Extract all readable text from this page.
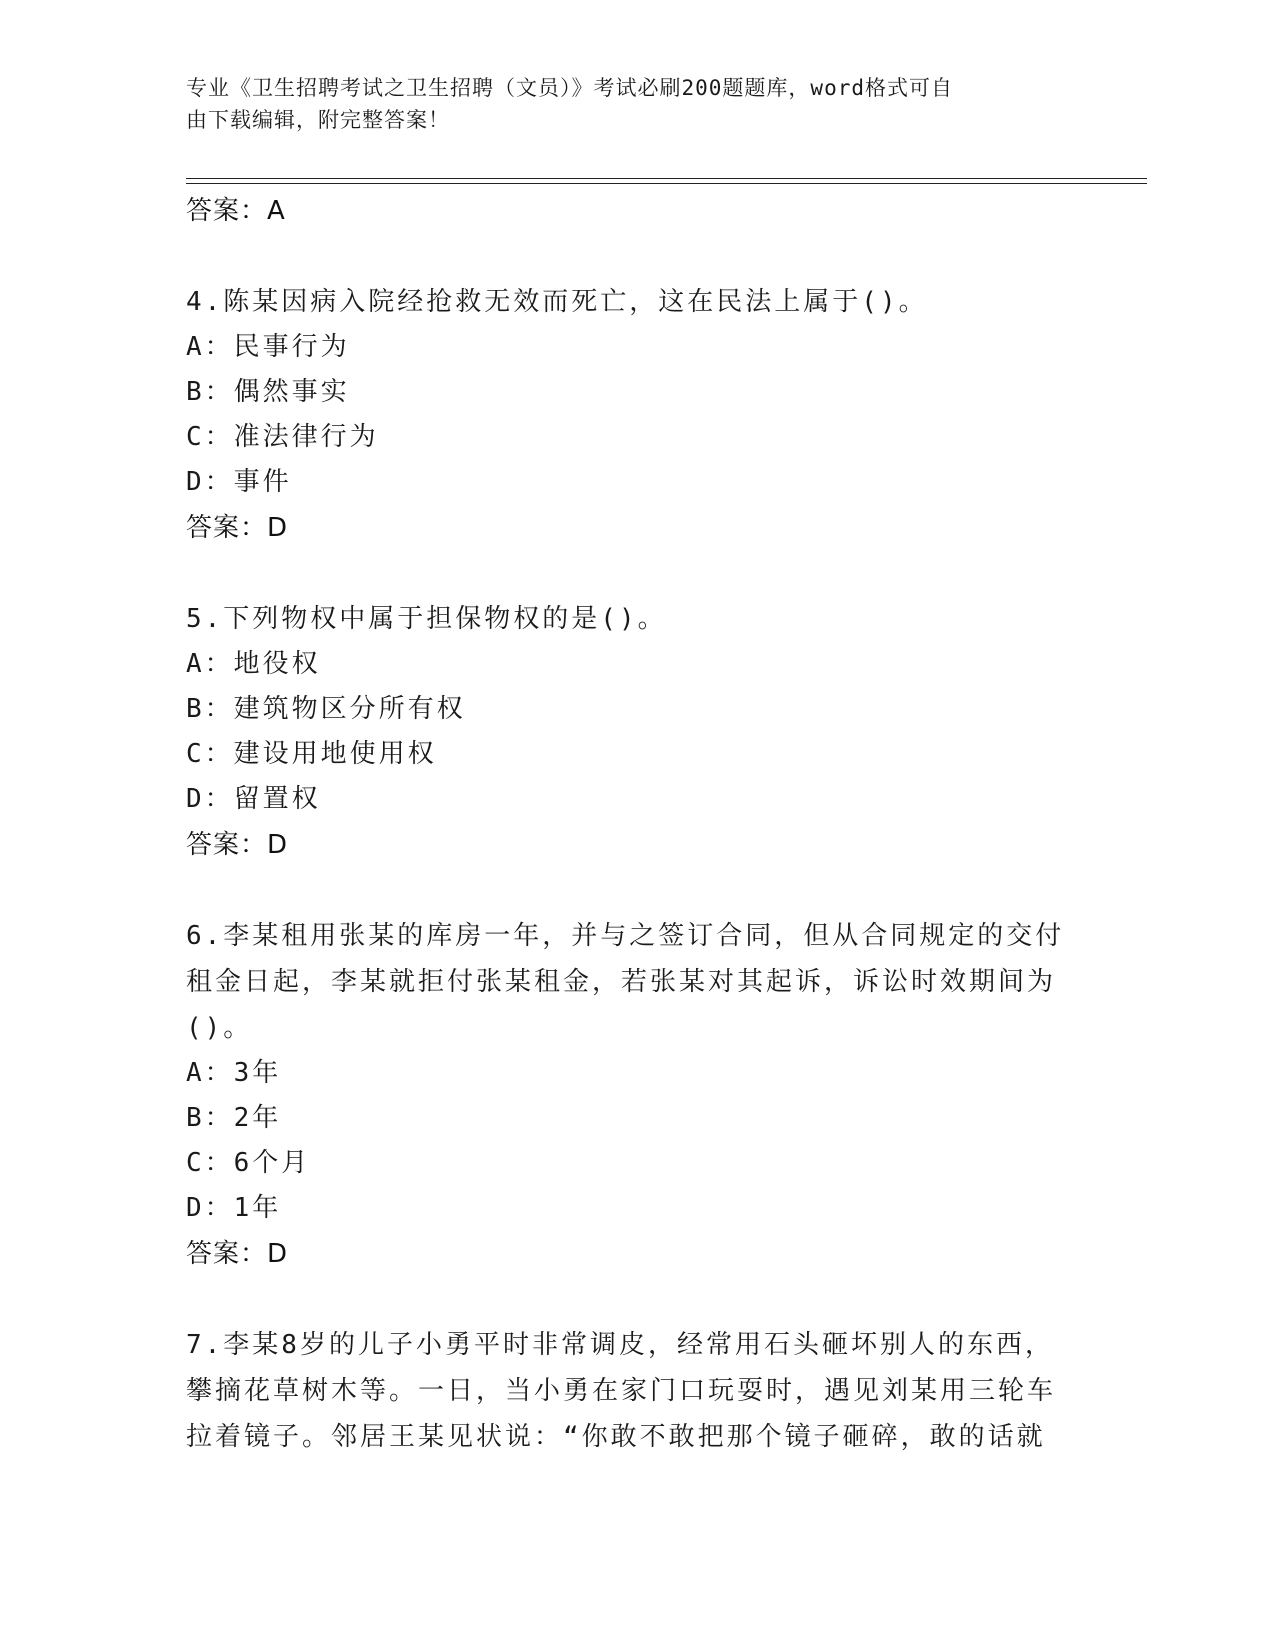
专业《卫生招聘考试之卫生招聘（文员）》考试必刷200题题库，word格式可自
由下载编辑，附完整答案！
答案：A
4.陈某因病入院经抢救无效而死亡，这在民法上属于()。
A：民事行为
B：偶然事实
C：准法律行为
D：事件
答案：D
5.下列物权中属于担保物权的是()。
A：地役权
B：建筑物区分所有权
C：建设用地使用权
D：留置权
答案：D
6.李某租用张某的库房一年，并与之签订合同，但从合同规定的交付
租金日起，李某就拒付张某租金，若张某对其起诉，诉讼时效期间为
()。
A：3年
B：2年
C：6个月
D：1年
答案：D
7.李某8岁的儿子小勇平时非常调皮，经常用石头砸坏别人的东西，
攀摘花草树木等。一日，当小勇在家门口玩耍时，遇见刘某用三轮车
拉着镜子。邻居王某见状说：“你敢不敢把那个镜子砸碎，敢的话就
